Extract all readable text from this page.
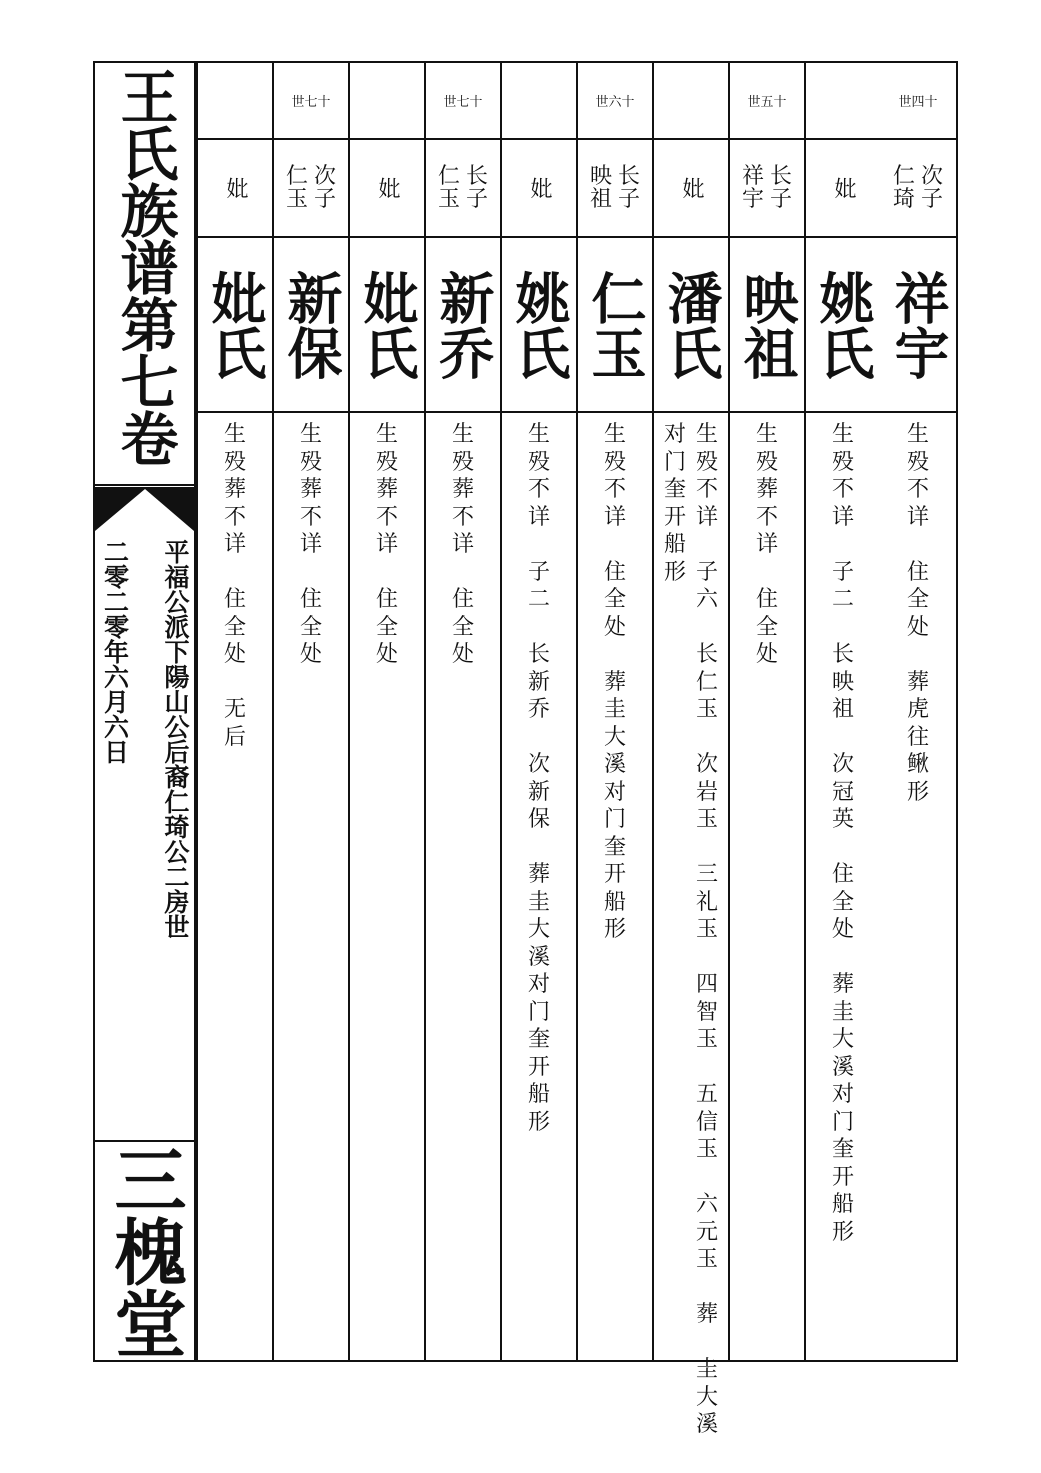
王氏族谱第七卷
平福公派下陽山公后裔仁琦公二房世
二零二零年六月六日
三槐堂
世四十
次
子
仁
琦
祥宇
生
殁
不
详

住
全
处

葬
虎
往
鳅
形
妣
姚氏
生
殁
不
详

子
二

长
映
祖

次
冠
英

住
全
处

葬
圭
大
溪
对
门
奎
开
船
形
世五十
长
子
祥
宇
映祖
生
殁
葬
不
详

住
全
处
妣
潘氏
生
殁
不
详

子
六

长
仁
玉

次
岩
玉

三
礼
玉

四
智
玉

五
信
玉

六
元
玉

葬

圭
大
溪
对
门
奎
开
船
形
世六十
长
子
映
祖
仁玉
生
殁
不
详

住
全
处

葬
圭
大
溪
对
门
奎
开
船
形
妣
姚氏
生
殁
不
详

子
二

长
新
乔

次
新
保

葬
圭
大
溪
对
门
奎
开
船
形
世七十
长
子
仁
玉
新乔
生
殁
葬
不
详

住
全
处
妣
妣氏
生
殁
葬
不
详

住
全
处
世七十
次
子
仁
玉
新保
生
殁
葬
不
详

住
全
处
妣
妣氏
生
殁
葬
不
详

住
全
处

无
后
